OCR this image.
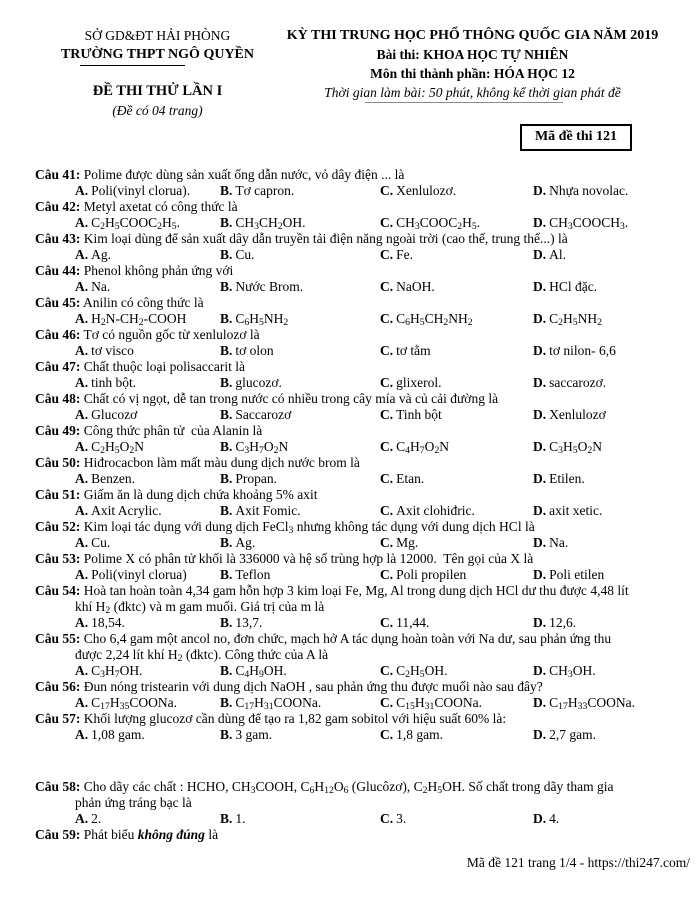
SỞ GD&ĐT HẢI PHÒNG
TRƯỜNG THPT NGÔ QUYỀN
ĐỀ THI THỬ LẦN I
(Đề có 04 trang)
KỲ THI TRUNG HỌC PHỔ THÔNG QUỐC GIA NĂM 2019
Bài thi: KHOA HỌC TỰ NHIÊN
Môn thi thành phần: HÓA HỌC 12
Thời gian làm bài: 50 phút, không kể thời gian phát đề
Mã đề thi 121
Câu 41: Polime được dùng sản xuất ống dẫn nước, vỏ dây điện ... là
A. Poli(vinyl clorua).	B. Tơ capron.	C. Xenlulozơ.	D. Nhựa novolac.
Câu 42: Metyl axetat có công thức là
A. $C_2H_5COOC_2H_5$.	B. $CH_3CH_2OH$.	C. $CH_3COOC_2H_5$.	D. $CH_3COOCH_3$.
Câu 43: Kim loại dùng để sản xuất dây dẫn truyền tải điện năng ngoài trời (cao thế, trung thế...) là
A. Ag.	B. Cu.	C. Fe.	D. Al.
Câu 44: Phenol không phản ứng với
A. Na.	B. Nước Brom.	C. NaOH.	D. HCl đặc.
Câu 45: Anilin có công thức là
A. $H_2N-CH_2$-COOH	B. $C_6H_5NH_2$	C. $C_6H_5CH_2NH_2$	D. $C_2H_5NH_2$
Câu 46: Tơ có nguồn gốc từ xenlulozơ là
A. tơ visco	B. tơ olon	C. tơ tằm	D. tơ nilon- 6,6
Câu 47: Chất thuộc loại polisaccarit là
A. tinh bột.	B. glucozơ.	C. glixerol.	D. saccarozơ.
Câu 48: Chất có vị ngọt, dễ tan trong nước có nhiều trong cây mía và củ cải đường là
A. Glucozơ	B. Saccarozơ	C. Tinh bột	D. Xenlulozơ
Câu 49: Công thức phân tử  của Alanin là
A. $C_2H_5O_2N$	B. $C_3H_7O_2N$	C. $C_4H_7O_2N$	D. $C_3H_5O_2N$
Câu 50: Hiđrocacbon làm mất màu dung dịch nước brom là
A. Benzen.	B. Propan.	C. Etan.	D. Etilen.
Câu 51: Giấm ăn là dung dịch chứa khoảng 5% axit
A. Axit Acrylic.	B. Axit Fomic.	C. Axit clohiđric.	D. axit xetic.
Câu 52: Kim loại tác dụng với dung dịch FeCl$_3$ nhưng không tác dụng với dung dịch HCl là
A. Cu.	B. Ag.	C. Mg.	D. Na.
Câu 53: Polime X có phân tử khối là 336000 và hệ số trùng hợp là 12000.  Tên gọi của X là
A. Poli(vinyl clorua)	B. Teflon	C. Poli propilen	D. Poli etilen
Câu 54: Hoà tan hoàn toàn 4,34 gam hỗn hợp 3 kim loại Fe, Mg, Al trong dung dịch HCl dư thu được 4,48 lít
khí $H_2$ (đktc) và m gam muối. Giá trị của m là
A. 18,54.	B. 13,7.	C. 11,44.	D. 12,6.
Câu 55: Cho 6,4 gam một ancol no, đơn chức, mạch hở A tác dụng hoàn toàn với Na dư, sau phản ứng thu
được 2,24 lít khí $H_2$ (đktc). Công thức của A là
A. $C_3H_7OH$.	B. $C_4H_9OH$.	C. $C_2H_5OH$.	D. $CH_3OH$.
Câu 56: Đun nóng tristearin với dung dịch NaOH , sau phản ứng thu được muối nào sau đây?
A. $C_{17}H_{35}COONa$.	B. $C_{17}H_{31}COONa$.	C. $C_{15}H_{31}COONa$.	D. $C_{17}H_{33}COONa$.
Câu 57: Khối lượng glucozơ cần dùng để tạo ra 1,82 gam sobitol với hiệu suất 60% là:
A. 1,08 gam.	B. 3 gam.	C. 1,8 gam.	D. 2,7 gam.
Câu 58: Cho dãy các chất : HCHO, $CH_3COOH$, $C_6H_{12}O_6$ (Glucôzơ), $C_2H_5OH$. Số chất trong dãy tham gia
phản ứng tráng bạc là
A. 2.	B. 1.	C. 3.	D. 4.
Câu 59: Phát biểu không đúng là
Mã đề 121 trang 1/4 - https://thi247.com/
